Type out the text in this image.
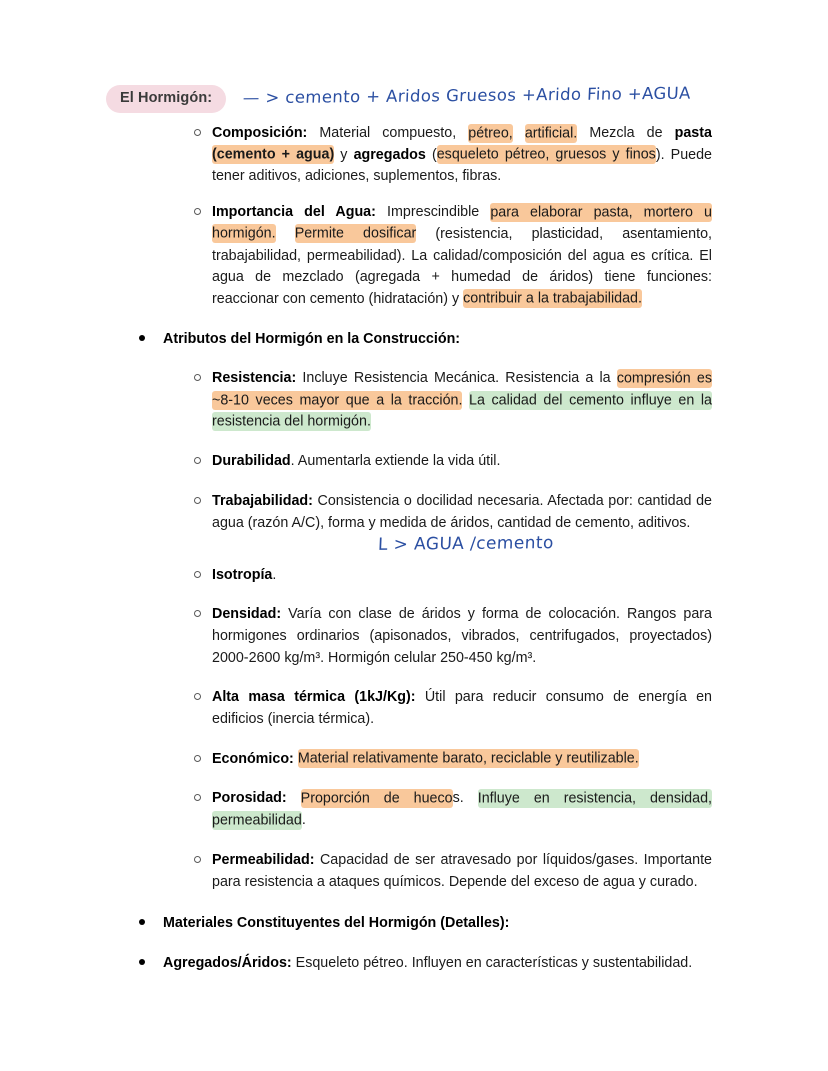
El Hormigón:	— > cemento + Aridos Gruesos +Arido Fino +AGUA
L > AGUA /cemento

Composición: Material compuesto, pétreo, artificial. Mezcla de pasta (cemento + agua) y agregados (esqueleto pétreo, gruesos y finos). Puede tener aditivos, adiciones, suplementos, fibras.

Importancia del Agua: Imprescindible para elaborar pasta, mortero u hormigón. Permite dosificar (resistencia, plasticidad, asentamiento, trabajabilidad, permeabilidad). La calidad/composición del agua es crítica. El agua de mezclado (agregada + humedad de áridos) tiene funciones: reaccionar con cemento (hidratación) y contribuir a la trabajabilidad.

Atributos del Hormigón en la Construcción:

Resistencia: Incluye Resistencia Mecánica. Resistencia a la compresión es ~8-10 veces mayor que a la tracción. La calidad del cemento influye en la resistencia del hormigón.

Durabilidad. Aumentarla extiende la vida útil.

Trabajabilidad: Consistencia o docilidad necesaria. Afectada por: cantidad de agua (razón A/C), forma y medida de áridos, cantidad de cemento, aditivos.

Isotropía.

Densidad: Varía con clase de áridos y forma de colocación. Rangos para hormigones ordinarios (apisonados, vibrados, centrifugados, proyectados) 2000-2600 kg/m³. Hormigón celular 250-450 kg/m³.

Alta masa térmica (1kJ/Kg): Útil para reducir consumo de energía en edificios (inercia térmica).

Económico: Material relativamente barato, reciclable y reutilizable.

Porosidad: Proporción de huecos. Influye en resistencia, densidad, permeabilidad.

Permeabilidad: Capacidad de ser atravesado por líquidos/gases. Importante para resistencia a ataques químicos. Depende del exceso de agua y curado.

Materiales Constituyentes del Hormigón (Detalles):

Agregados/Áridos: Esqueleto pétreo. Influyen en características y sustentabilidad.
